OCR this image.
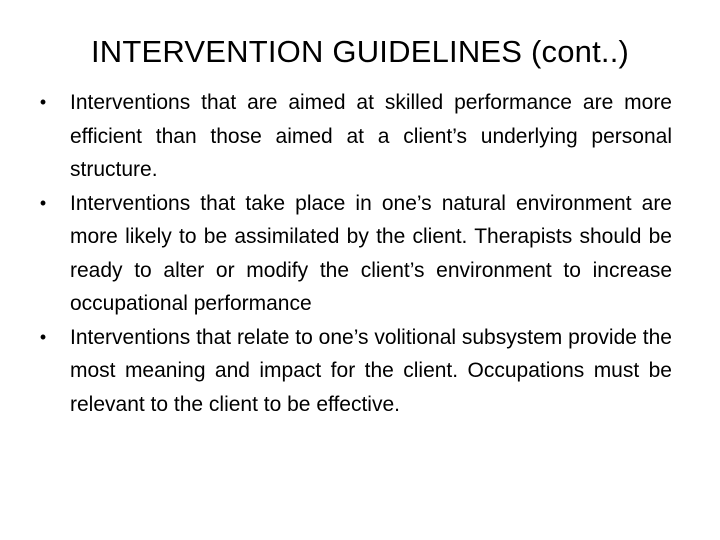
INTERVENTION GUIDELINES (cont..)
• Interventions that are aimed at skilled performance are more efficient than those aimed at a client’s underlying personal structure.
• Interventions that take place in one’s natural environment are more likely to be assimilated by the client. Therapists should be ready to alter or modify the client’s environment to increase occupational performance
• Interventions that relate to one’s volitional subsystem provide the most meaning and impact for the client. Occupations must be relevant to the client to be effective.
